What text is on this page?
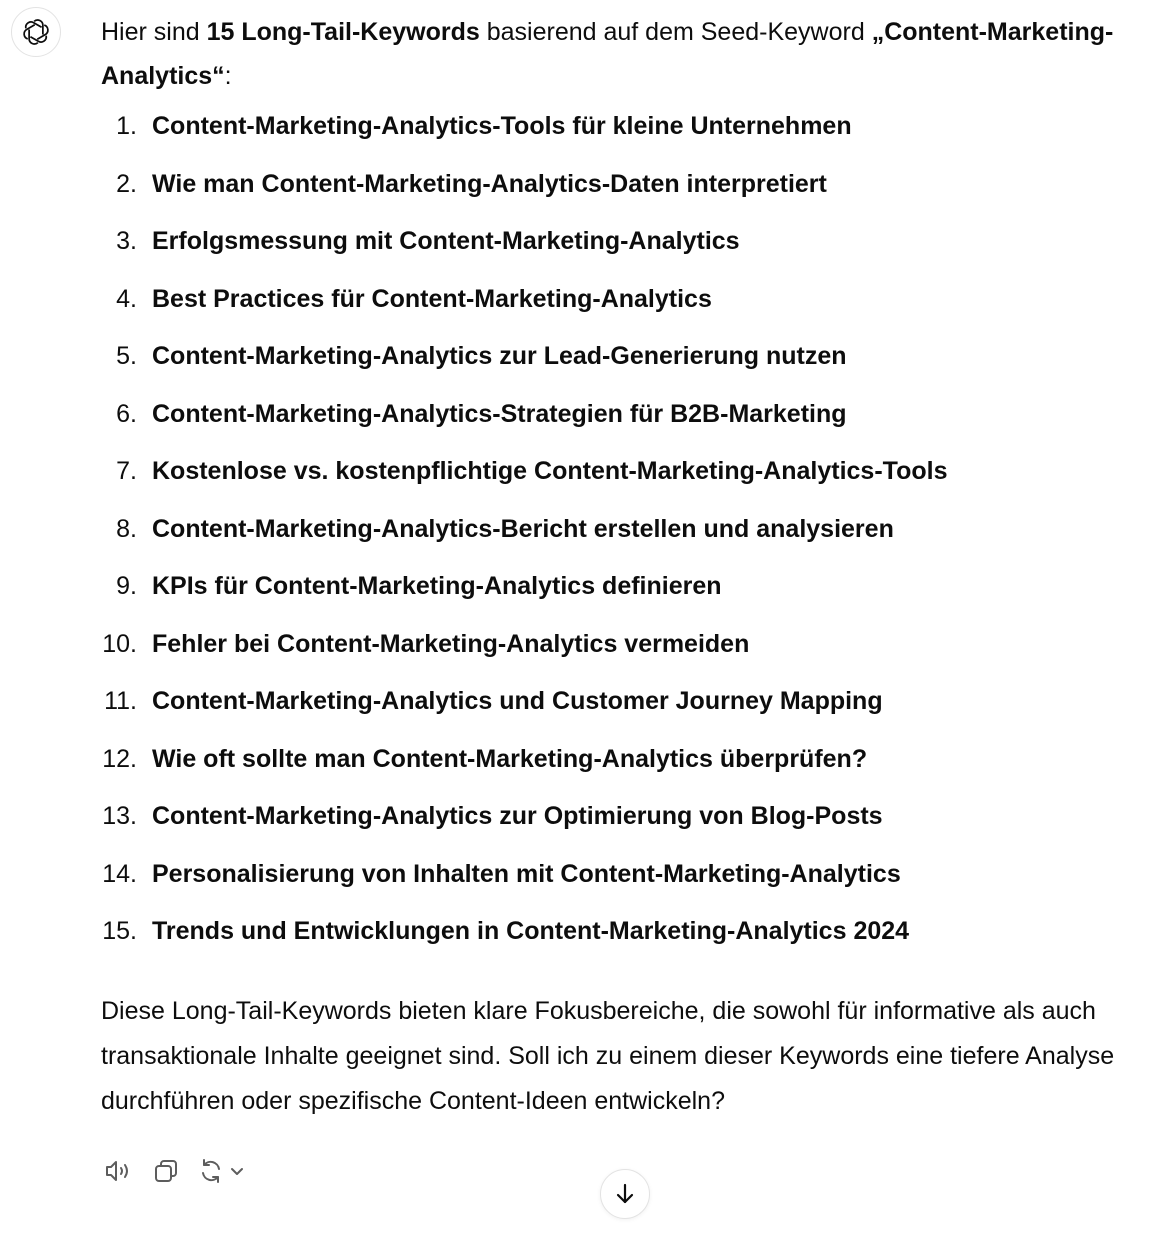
Hier sind 15 Long-Tail-Keywords basierend auf dem Seed-Keyword „Content-Marketing-Analytics“:

1. Content-Marketing-Analytics-Tools für kleine Unternehmen
2. Wie man Content-Marketing-Analytics-Daten interpretiert
3. Erfolgsmessung mit Content-Marketing-Analytics
4. Best Practices für Content-Marketing-Analytics
5. Content-Marketing-Analytics zur Lead-Generierung nutzen
6. Content-Marketing-Analytics-Strategien für B2B-Marketing
7. Kostenlose vs. kostenpflichtige Content-Marketing-Analytics-Tools
8. Content-Marketing-Analytics-Bericht erstellen und analysieren
9. KPIs für Content-Marketing-Analytics definieren
10. Fehler bei Content-Marketing-Analytics vermeiden
11. Content-Marketing-Analytics und Customer Journey Mapping
12. Wie oft sollte man Content-Marketing-Analytics überprüfen?
13. Content-Marketing-Analytics zur Optimierung von Blog-Posts
14. Personalisierung von Inhalten mit Content-Marketing-Analytics
15. Trends und Entwicklungen in Content-Marketing-Analytics 2024

Diese Long-Tail-Keywords bieten klare Fokusbereiche, die sowohl für informative als auch transaktionale Inhalte geeignet sind. Soll ich zu einem dieser Keywords eine tiefere Analyse durchführen oder spezifische Content-Ideen entwickeln?
